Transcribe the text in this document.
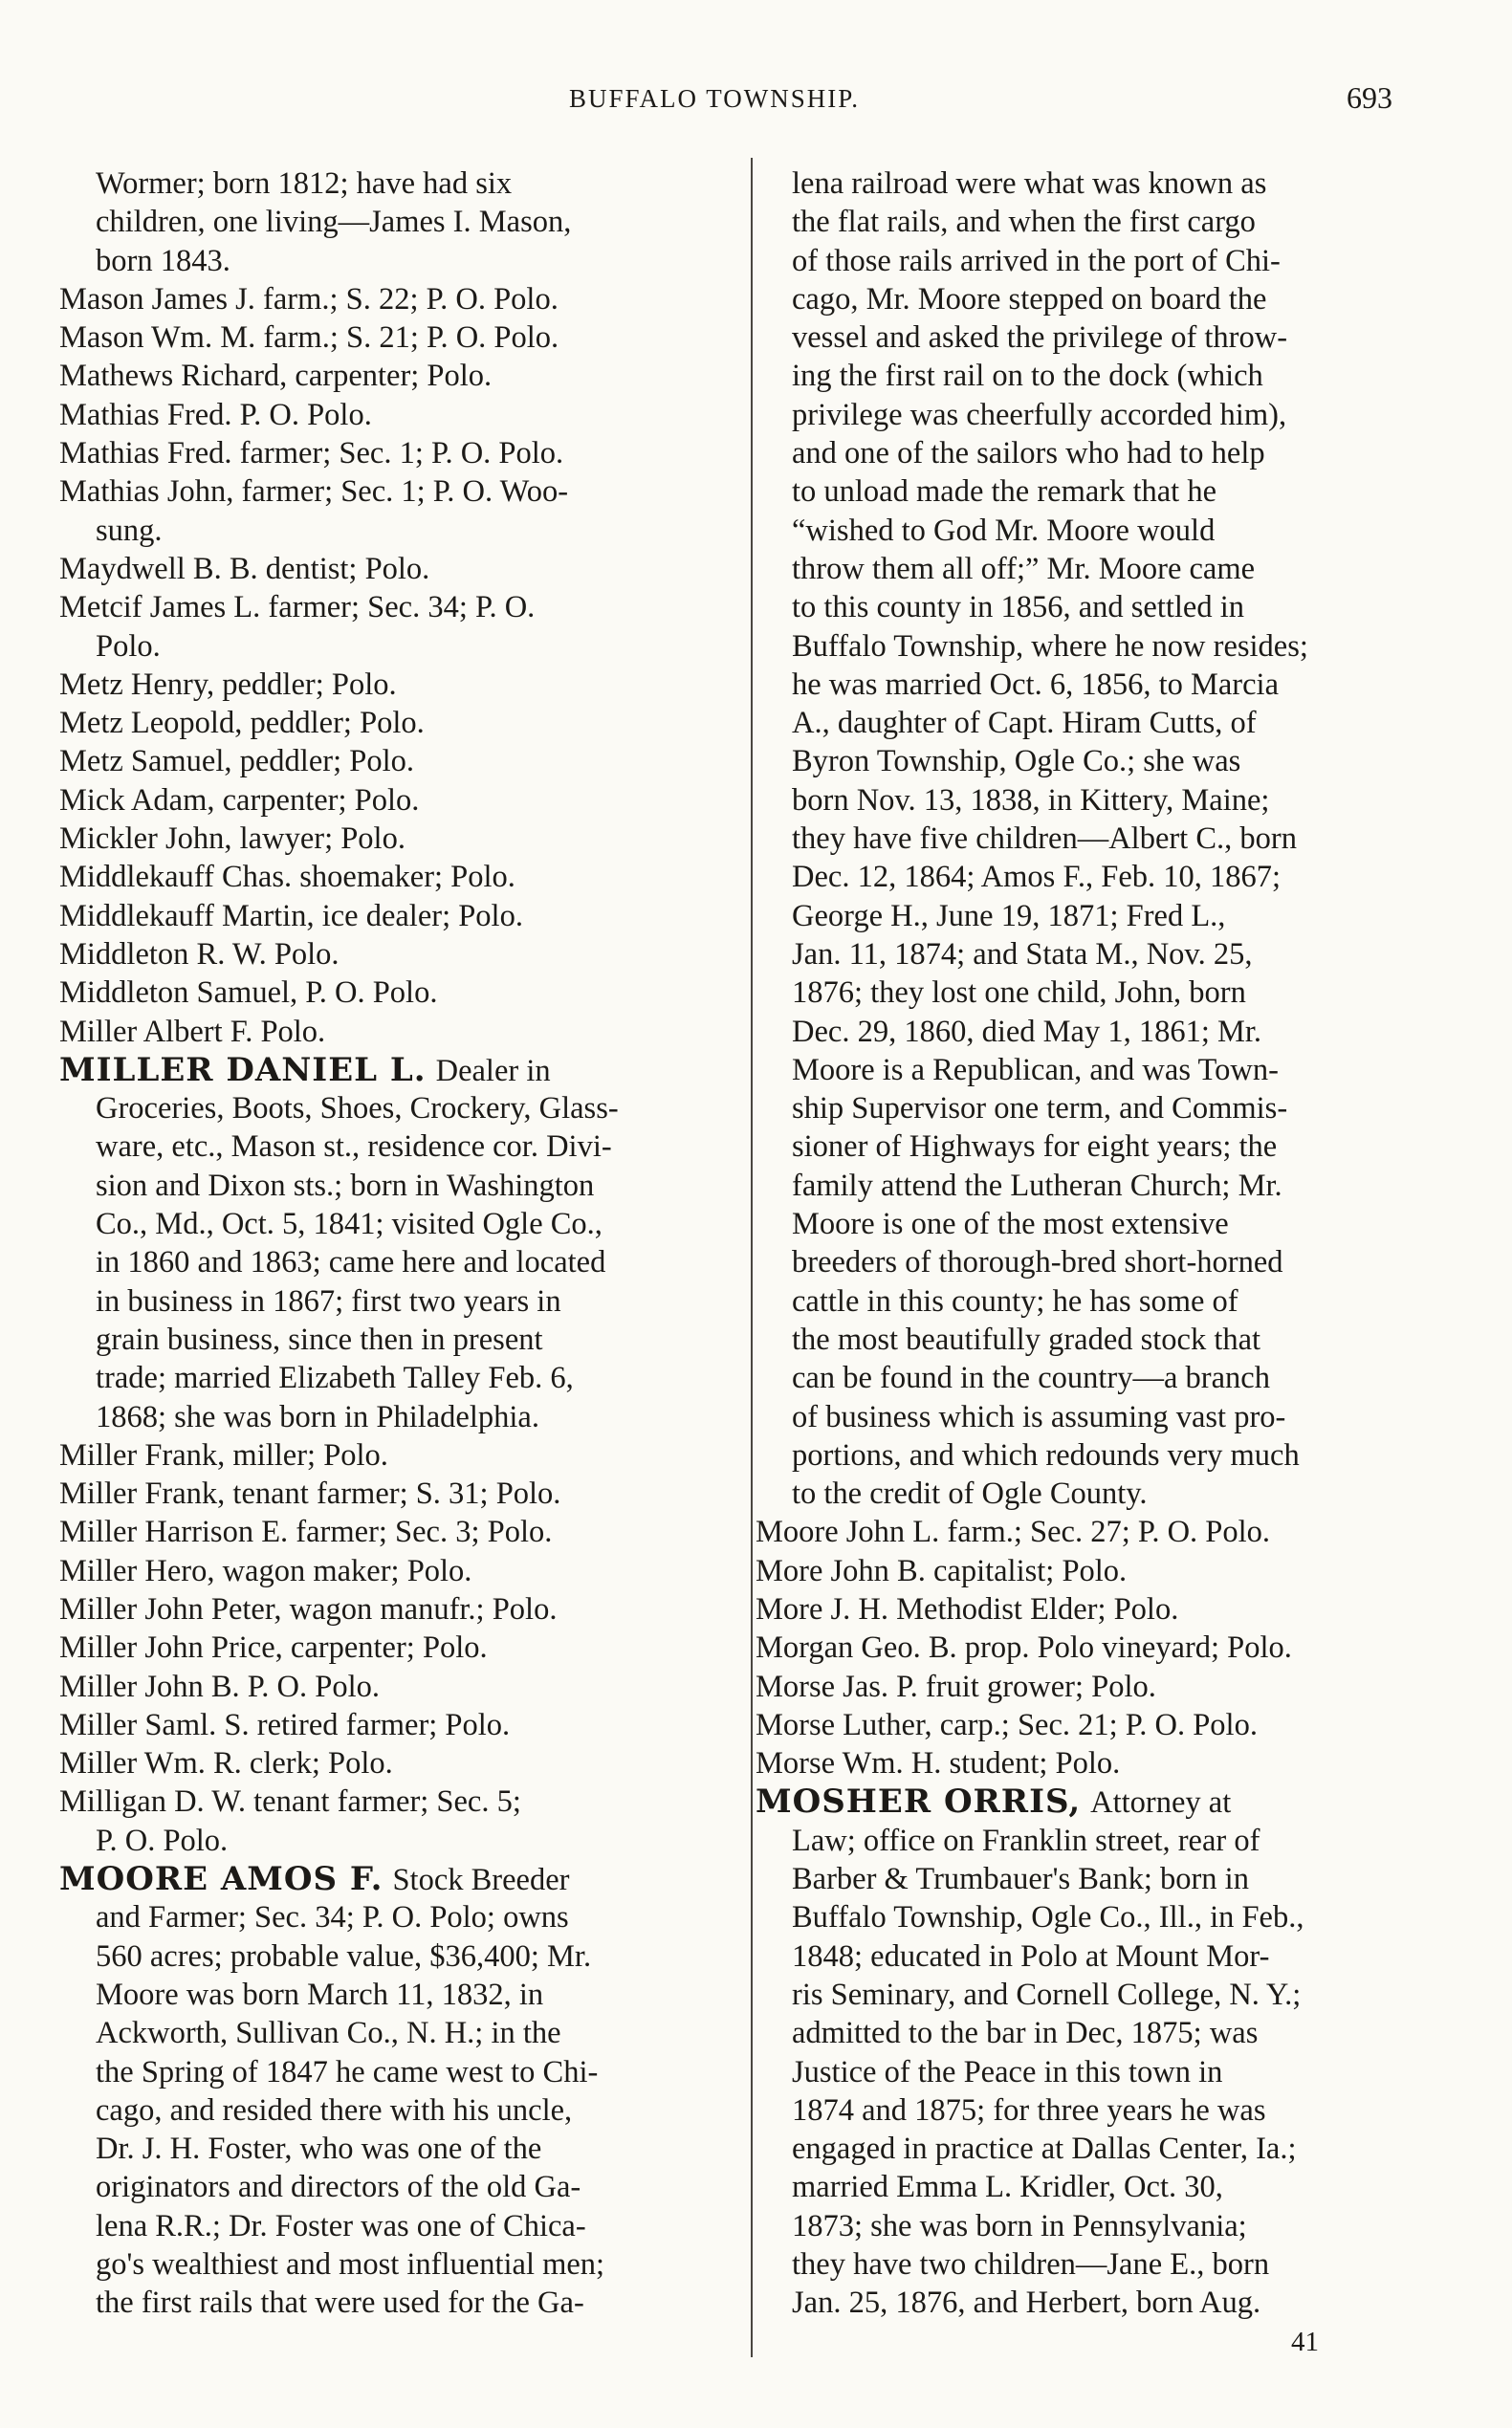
BUFFALO TOWNSHIP.	693
Wormer; born 1812; have had six
children, one living—James I. Mason,
born 1843.
Mason James J. farm.; S. 22; P. O. Polo.
Mason Wm. M. farm.; S. 21; P. O. Polo.
Mathews Richard, carpenter; Polo.
Mathias Fred. P. O. Polo.
Mathias Fred. farmer; Sec. 1; P. O. Polo.
Mathias John, farmer; Sec. 1; P. O. Woo-
sung.
Maydwell B. B. dentist; Polo.
Metcif James L. farmer; Sec. 34; P. O.
Polo.
Metz Henry, peddler; Polo.
Metz Leopold, peddler; Polo.
Metz Samuel, peddler; Polo.
Mick Adam, carpenter; Polo.
Mickler John, lawyer; Polo.
Middlekauff Chas. shoemaker; Polo.
Middlekauff Martin, ice dealer; Polo.
Middleton R. W. Polo.
Middleton Samuel, P. O. Polo.
Miller Albert F. Polo.
MILLER DANIEL L. Dealer in
Groceries, Boots, Shoes, Crockery, Glass-
ware, etc., Mason st., residence cor. Divi-
sion and Dixon sts.; born in Washington
Co., Md., Oct. 5, 1841; visited Ogle Co.,
in 1860 and 1863; came here and located
in business in 1867; first two years in
grain business, since then in present
trade; married Elizabeth Talley Feb. 6,
1868; she was born in Philadelphia.
Miller Frank, miller; Polo.
Miller Frank, tenant farmer; S. 31; Polo.
Miller Harrison E. farmer; Sec. 3; Polo.
Miller Hero, wagon maker; Polo.
Miller John Peter, wagon manufr.; Polo.
Miller John Price, carpenter; Polo.
Miller John B. P. O. Polo.
Miller Saml. S. retired farmer; Polo.
Miller Wm. R. clerk; Polo.
Milligan D. W. tenant farmer; Sec. 5;
P. O. Polo.
MOORE AMOS F. Stock Breeder
and Farmer; Sec. 34; P. O. Polo; owns
560 acres; probable value, $36,400; Mr.
Moore was born March 11, 1832, in
Ackworth, Sullivan Co., N. H.; in the
the Spring of 1847 he came west to Chi-
cago, and resided there with his uncle,
Dr. J. H. Foster, who was one of the
originators and directors of the old Ga-
lena R.R.; Dr. Foster was one of Chica-
go's wealthiest and most influential men;
the first rails that were used for the Ga-
lena railroad were what was known as
the flat rails, and when the first cargo
of those rails arrived in the port of Chi-
cago, Mr. Moore stepped on board the
vessel and asked the privilege of throw-
ing the first rail on to the dock (which
privilege was cheerfully accorded him),
and one of the sailors who had to help
to unload made the remark that he
“wished to God Mr. Moore would
throw them all off;” Mr. Moore came
to this county in 1856, and settled in
Buffalo Township, where he now resides;
he was married Oct. 6, 1856, to Marcia
A., daughter of Capt. Hiram Cutts, of
Byron Township, Ogle Co.; she was
born Nov. 13, 1838, in Kittery, Maine;
they have five children—Albert C., born
Dec. 12, 1864; Amos F., Feb. 10, 1867;
George H., June 19, 1871; Fred L.,
Jan. 11, 1874; and Stata M., Nov. 25,
1876; they lost one child, John, born
Dec. 29, 1860, died May 1, 1861; Mr.
Moore is a Republican, and was Town-
ship Supervisor one term, and Commis-
sioner of Highways for eight years; the
family attend the Lutheran Church; Mr.
Moore is one of the most extensive
breeders of thorough-bred short-horned
cattle in this county; he has some of
the most beautifully graded stock that
can be found in the country—a branch
of business which is assuming vast pro-
portions, and which redounds very much
to the credit of Ogle County.
Moore John L. farm.; Sec. 27; P. O. Polo.
More John B. capitalist; Polo.
More J. H. Methodist Elder; Polo.
Morgan Geo. B. prop. Polo vineyard; Polo.
Morse Jas. P. fruit grower; Polo.
Morse Luther, carp.; Sec. 21; P. O. Polo.
Morse Wm. H. student; Polo.
MOSHER ORRIS, Attorney at
Law; office on Franklin street, rear of
Barber & Trumbauer's Bank; born in
Buffalo Township, Ogle Co., Ill., in Feb.,
1848; educated in Polo at Mount Mor-
ris Seminary, and Cornell College, N. Y.;
admitted to the bar in Dec, 1875; was
Justice of the Peace in this town in
1874 and 1875; for three years he was
engaged in practice at Dallas Center, Ia.;
married Emma L. Kridler, Oct. 30,
1873; she was born in Pennsylvania;
they have two children—Jane E., born
Jan. 25, 1876, and Herbert, born Aug.
41
